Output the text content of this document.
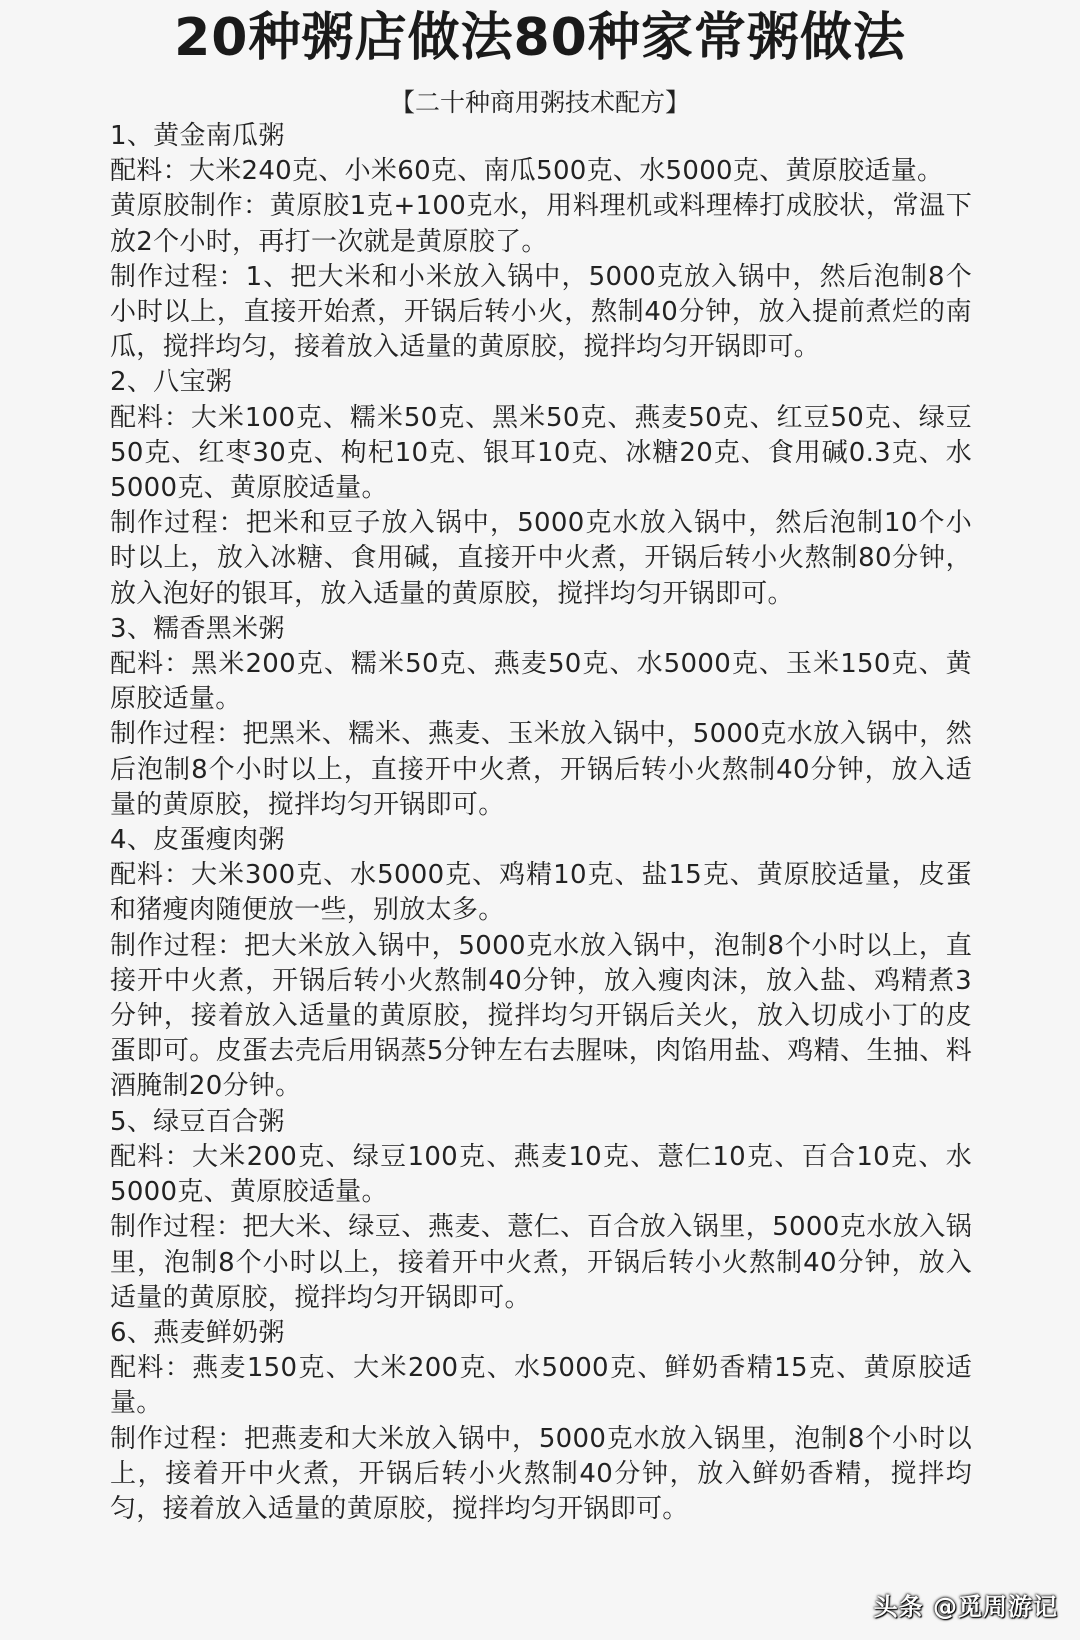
20种粥店做法80种家常粥做法
【二十种商用粥技术配方】

1、黄金南瓜粥

配料：大米240克、小米60克、南瓜500克、水5000克、黄原胶适量。

黄原胶制作：黄原胶1克+100克水，用料理机或料理棒打成胶状，常温下放2个小时，再打一次就是黄原胶了。

制作过程：1、把大米和小米放入锅中，5000克放入锅中，然后泡制8个小时以上，直接开始煮，开锅后转小火，熬制40分钟，放入提前煮烂的南瓜，搅拌均匀，接着放入适量的黄原胶，搅拌均匀开锅即可。

2、八宝粥

配料：大米100克、糯米50克、黑米50克、燕麦50克、红豆50克、绿豆50克、红枣30克、枸杞10克、银耳10克、冰糖20克、食用碱0.3克、水5000克、黄原胶适量。

制作过程：把米和豆子放入锅中，5000克水放入锅中，然后泡制10个小时以上，放入冰糖、食用碱，直接开中火煮，开锅后转小火熬制80分钟，放入泡好的银耳，放入适量的黄原胶，搅拌均匀开锅即可。

3、糯香黑米粥

配料：黑米200克、糯米50克、燕麦50克、水5000克、玉米150克、黄原胶适量。

制作过程：把黑米、糯米、燕麦、玉米放入锅中，5000克水放入锅中，然后泡制8个小时以上，直接开中火煮，开锅后转小火熬制40分钟，放入适量的黄原胶，搅拌均匀开锅即可。

4、皮蛋瘦肉粥

配料：大米300克、水5000克、鸡精10克、盐15克、黄原胶适量，皮蛋和猪瘦肉随便放一些，别放太多。

制作过程：把大米放入锅中，5000克水放入锅中，泡制8个小时以上，直接开中火煮，开锅后转小火熬制40分钟，放入瘦肉沫，放入盐、鸡精煮3分钟，接着放入适量的黄原胶，搅拌均匀开锅后关火，放入切成小丁的皮蛋即可。皮蛋去壳后用锅蒸5分钟左右去腥味，肉馅用盐、鸡精、生抽、料酒腌制20分钟。

5、绿豆百合粥

配料：大米200克、绿豆100克、燕麦10克、薏仁10克、百合10克、水5000克、黄原胶适量。

制作过程：把大米、绿豆、燕麦、薏仁、百合放入锅里，5000克水放入锅里，泡制8个小时以上，接着开中火煮，开锅后转小火熬制40分钟，放入适量的黄原胶，搅拌均匀开锅即可。

6、燕麦鲜奶粥

配料：燕麦150克、大米200克、水5000克、鲜奶香精15克、黄原胶适量。

制作过程：把燕麦和大米放入锅中，5000克水放入锅里，泡制8个小时以上，接着开中火煮，开锅后转小火熬制40分钟，放入鲜奶香精，搅拌均匀，接着放入适量的黄原胶，搅拌均匀开锅即可。

头条 @觅周游记
